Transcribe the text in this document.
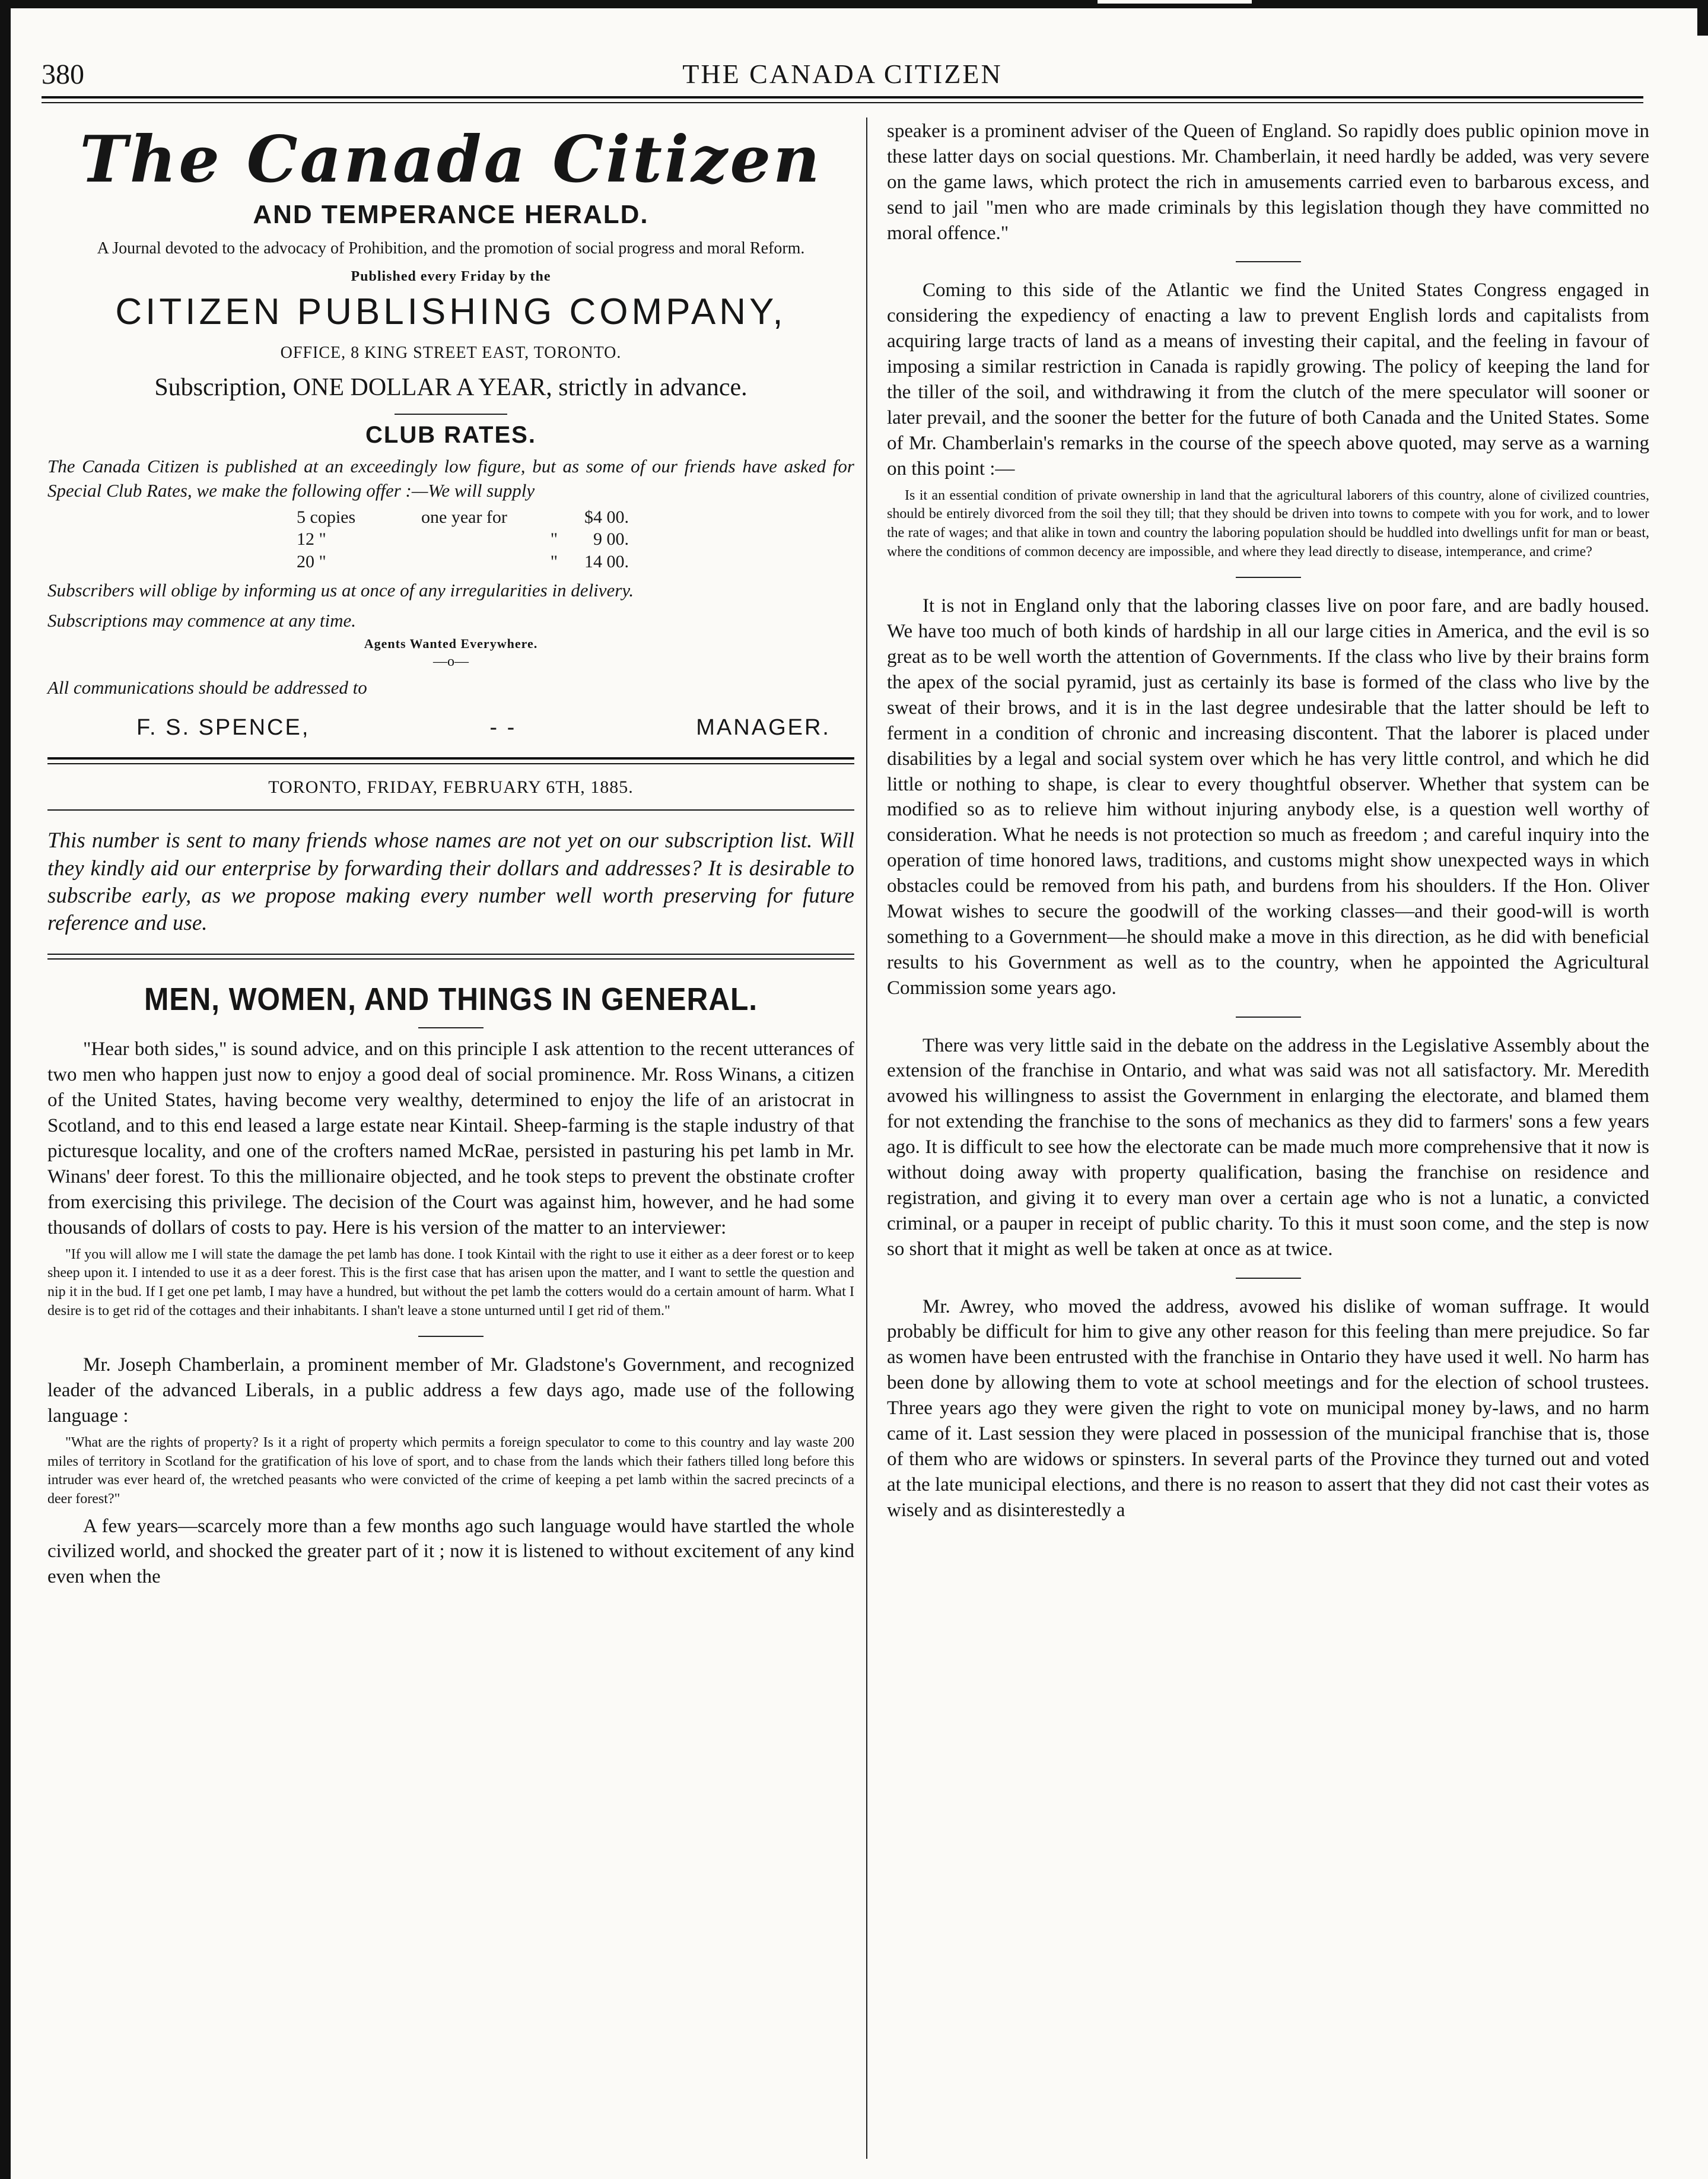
380	THE CANADA CITIZEN
The Canada Citizen
AND TEMPERANCE HERALD.

A Journal devoted to the advocacy of Prohibition, and the promotion of social progress and moral Reform.

Published every Friday by the

CITIZEN PUBLISHING COMPANY,

OFFICE, 8 KING STREET EAST, TORONTO.

Subscription, ONE DOLLAR A YEAR, strictly in advance.

CLUB RATES.

The Canada Citizen is published at an exceedingly low figure, but as some of our friends have asked for Special Club Rates, we make the following offer :—We will supply

5 copies	one year for	$4 00.
12 "	"	9 00.
20 "	"	14 00.

Subscribers will oblige by informing us at once of any irregularities in delivery.

Subscriptions may commence at any time.

Agents Wanted Everywhere.

—o—

All communications should be addressed to

F. S. SPENCE,	- -	MANAGER.
TORONTO, FRIDAY, FEBRUARY 6TH, 1885.

This number is sent to many friends whose names are not yet on our subscription list. Will they kindly aid our enterprise by forwarding their dollars and addresses? It is desirable to subscribe early, as we propose making every number well worth preserving for future reference and use.

MEN, WOMEN, AND THINGS IN GENERAL.

"Hear both sides," is sound advice, and on this principle I ask attention to the recent utterances of two men who happen just now to enjoy a good deal of social prominence. Mr. Ross Winans, a citizen of the United States, having become very wealthy, determined to enjoy the life of an aristocrat in Scotland, and to this end leased a large estate near Kintail. Sheep-farming is the staple industry of that picturesque locality, and one of the crofters named McRae, persisted in pasturing his pet lamb in Mr. Winans' deer forest. To this the millionaire objected, and he took steps to prevent the obstinate crofter from exercising this privilege. The decision of the Court was against him, however, and he had some thousands of dollars of costs to pay. Here is his version of the matter to an interviewer:

"If you will allow me I will state the damage the pet lamb has done. I took Kintail with the right to use it either as a deer forest or to keep sheep upon it. I intended to use it as a deer forest. This is the first case that has arisen upon the matter, and I want to settle the question and nip it in the bud. If I get one pet lamb, I may have a hundred, but without the pet lamb the cotters would do a certain amount of harm. What I desire is to get rid of the cottages and their inhabitants. I shan't leave a stone unturned until I get rid of them."

Mr. Joseph Chamberlain, a prominent member of Mr. Gladstone's Government, and recognized leader of the advanced Liberals, in a public address a few days ago, made use of the following language :

"What are the rights of property? Is it a right of property which permits a foreign speculator to come to this country and lay waste 200 miles of territory in Scotland for the gratification of his love of sport, and to chase from the lands which their fathers tilled long before this intruder was ever heard of, the wretched peasants who were convicted of the crime of keeping a pet lamb within the sacred precincts of a deer forest?"

A few years—scarcely more than a few months ago such language would have startled the whole civilized world, and shocked the greater part of it ; now it is listened to without excitement of any kind even when the

speaker is a prominent adviser of the Queen of England. So rapidly does public opinion move in these latter days on social questions. Mr. Chamberlain, it need hardly be added, was very severe on the game laws, which protect the rich in amusements carried even to barbarous excess, and send to jail "men who are made criminals by this legislation though they have committed no moral offence."

Coming to this side of the Atlantic we find the United States Congress engaged in considering the expediency of enacting a law to prevent English lords and capitalists from acquiring large tracts of land as a means of investing their capital, and the feeling in favour of imposing a similar restriction in Canada is rapidly growing. The policy of keeping the land for the tiller of the soil, and withdrawing it from the clutch of the mere speculator will sooner or later prevail, and the sooner the better for the future of both Canada and the United States. Some of Mr. Chamberlain's remarks in the course of the speech above quoted, may serve as a warning on this point :—

Is it an essential condition of private ownership in land that the agricultural laborers of this country, alone of civilized countries, should be entirely divorced from the soil they till; that they should be driven into towns to compete with you for work, and to lower the rate of wages; and that alike in town and country the laboring population should be huddled into dwellings unfit for man or beast, where the conditions of common decency are impossible, and where they lead directly to disease, intemperance, and crime?

It is not in England only that the laboring classes live on poor fare, and are badly housed. We have too much of both kinds of hardship in all our large cities in America, and the evil is so great as to be well worth the attention of Governments. If the class who live by their brains form the apex of the social pyramid, just as certainly its base is formed of the class who live by the sweat of their brows, and it is in the last degree undesirable that the latter should be left to ferment in a condition of chronic and increasing discontent. That the laborer is placed under disabilities by a legal and social system over which he has very little control, and which he did little or nothing to shape, is clear to every thoughtful observer. Whether that system can be modified so as to relieve him without injuring anybody else, is a question well worthy of consideration. What he needs is not protection so much as freedom ; and careful inquiry into the operation of time honored laws, traditions, and customs might show unexpected ways in which obstacles could be removed from his path, and burdens from his shoulders. If the Hon. Oliver Mowat wishes to secure the goodwill of the working classes—and their good-will is worth something to a Government—he should make a move in this direction, as he did with beneficial results to his Government as well as to the country, when he appointed the Agricultural Commission some years ago.

There was very little said in the debate on the address in the Legislative Assembly about the extension of the franchise in Ontario, and what was said was not all satisfactory. Mr. Meredith avowed his willingness to assist the Government in enlarging the electorate, and blamed them for not extending the franchise to the sons of mechanics as they did to farmers' sons a few years ago. It is difficult to see how the electorate can be made much more comprehensive that it now is without doing away with property qualification, basing the franchise on residence and registration, and giving it to every man over a certain age who is not a lunatic, a convicted criminal, or a pauper in receipt of public charity. To this it must soon come, and the step is now so short that it might as well be taken at once as at twice.

Mr. Awrey, who moved the address, avowed his dislike of woman suffrage. It would probably be difficult for him to give any other reason for this feeling than mere prejudice. So far as women have been entrusted with the franchise in Ontario they have used it well. No harm has been done by allowing them to vote at school meetings and for the election of school trustees. Three years ago they were given the right to vote on municipal money by-laws, and no harm came of it. Last session they were placed in possession of the municipal franchise that is, those of them who are widows or spinsters. In several parts of the Province they turned out and voted at the late municipal elections, and there is no reason to assert that they did not cast their votes as wisely and as disinterestedly a
